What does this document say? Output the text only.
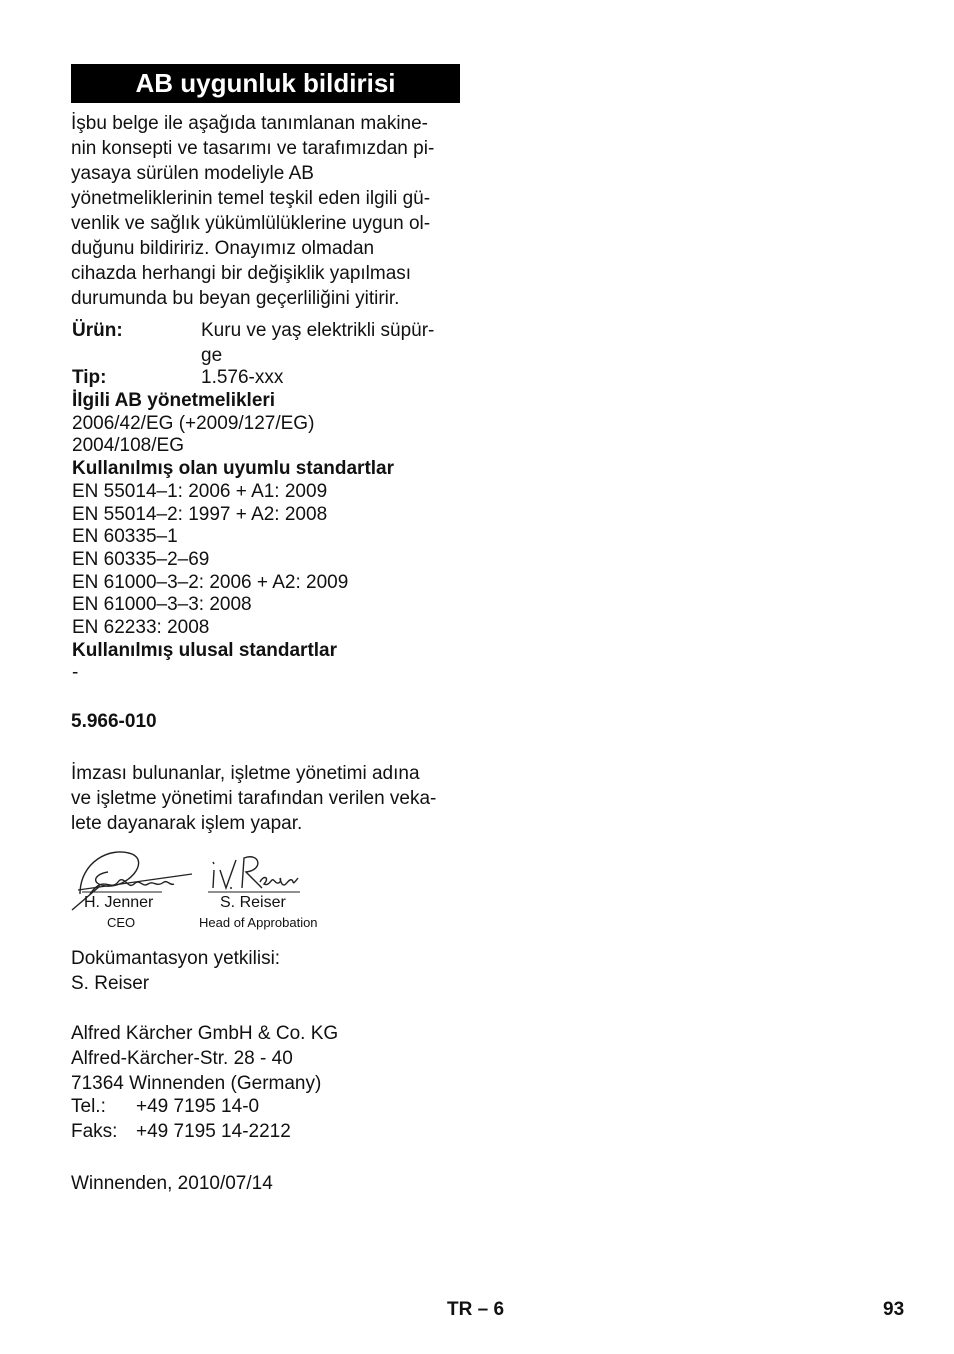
AB uygunluk bildirisi

İşbu belge ile aşağıda tanımlanan makine-

nin konsepti ve tasarımı ve tarafımızdan pi-

yasaya sürülen modeliyle AB

yönetmeliklerinin temel teşkil eden ilgili gü-

venlik ve sağlık yükümlülüklerine uygun ol-

duğunu bildiririz. Onayımız olmadan

cihazda herhangi bir değişiklik yapılması

durumunda bu beyan geçerliliğini yitirir.

Ürün:	Kuru ve yaş elektrikli süpür-
ge
Tip:	1.576-xxx
İlgili AB yönetmelikleri
2006/42/EG (+2009/127/EG)
2004/108/EG
Kullanılmış olan uyumlu standartlar
EN 55014–1: 2006 + A1: 2009
EN 55014–2: 1997 + A2: 2008
EN 60335–1
EN 60335–2–69
EN 61000–3–2: 2006 + A2: 2009
EN 61000–3–3: 2008
EN 62233: 2008
Kullanılmış ulusal standartlar
-
5.966-010
İmzası bulunanlar, işletme yönetimi adına
ve işletme yönetimi tarafından verilen veka-
lete dayanarak işlem yapar.
H. Jenner
CEO
S. Reiser
Head of Approbation
Dokümantasyon yetkilisi:
S. Reiser
Alfred Kärcher GmbH & Co. KG
Alfred-Kärcher-Str. 28 - 40
71364 Winnenden (Germany)
Tel.: +49 7195 14-0
Faks: +49 7195 14-2212
Winnenden, 2010/07/14
TR – 6	93
